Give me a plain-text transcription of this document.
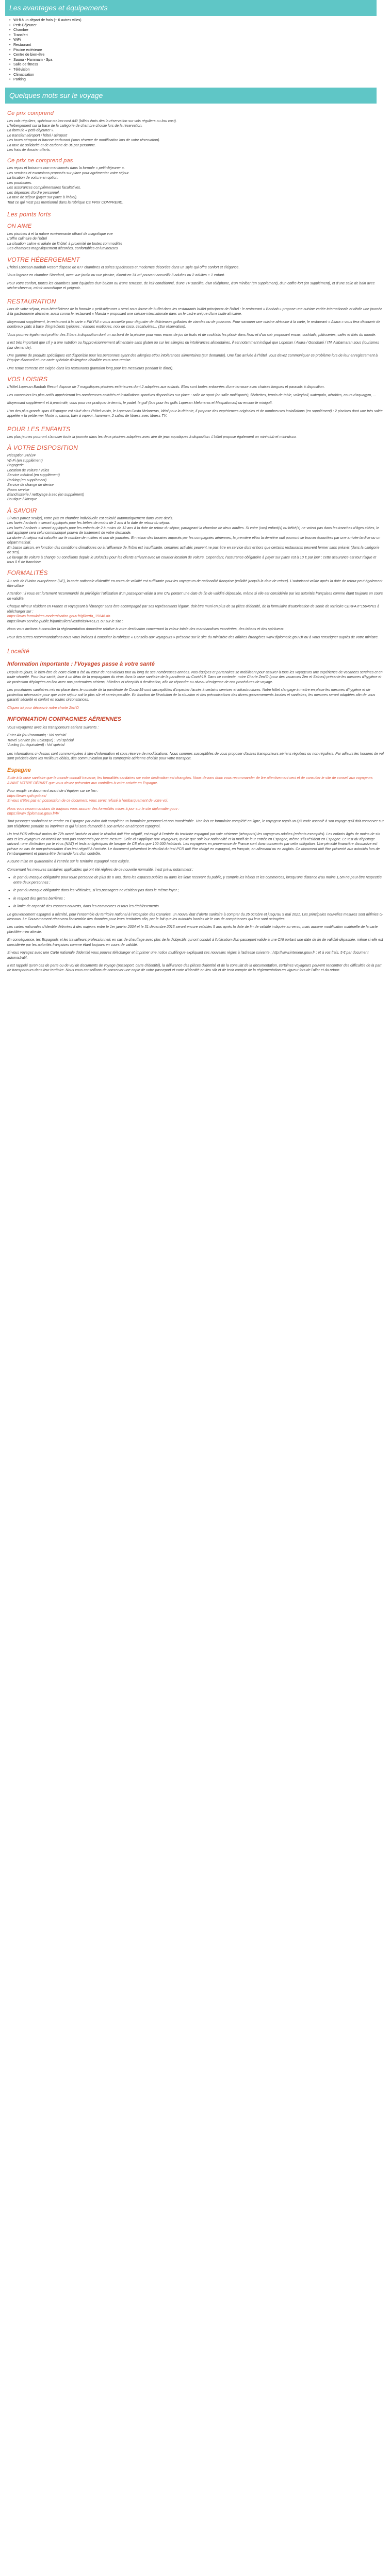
Les avantages et équipements
• Wi-fi à un départ de frais (+ 6 autres villes)
• Petit-Déjeuner
• Chambre
• Transfert
• WiFi
• Restaurant
• Piscine extérieure
• Centre de bien-être
• Sauna - Hammam - Spa
• Salle de fitness
• Télévision
• Climatisation
• Parking
Quelques mots sur le voyage
Ce prix comprend

Les vols réguliers, spéciaux ou low-cost A/R (billets émis dès la réservation sur vols réguliers ou low cost).

L'hébergement sur la base de la catégorie de chambre choisie lors de la réservation.

La formule « petit-déjeuner ».

Le transfert aéroport / hôtel / aéroport

Les taxes aéroport et hausse carburant (sous réserve de modification lors de votre réservation).

La taxe de solidarité et de carbone de 3€ par personne.

Les frais de dossier offerts.

Ce prix ne comprend pas

Les repas et boissons non mentionnés dans la formule « petit-déjeuner ».

Les services et excursions proposés sur place pour agrémenter votre séjour.

La location de voiture en option.

Les pourboires.

Les assurances complémentaires facultatives.

Les dépenses d'ordre personnel.

La taxe de séjour (payer sur place à l'hôtel).

Tout ce qui n'est pas mentionné dans la rubrique CE PRIX COMPREND.

Les points forts
ON AIME

Les piscines à et la nature environnante offrant de magnifique vue

L'offre culinaire de l'hôtel

La situation calme et idéale de l'hôtel, à proximité de toutes commodités

Ses chambres magnifiquement décorées, confortables et lumineuses

VOTRE HÉBERGEMENT

L'hôtel Lopesan Baobab Resort dispose de 677 chambres et suites spacieuses et modernes décorées dans un style qui offre confort et élégance.

Vous logerez en chambre Standard, avec vue jardin ou vue piscine, dinent-en 34 m² pouvant accueillir 3 adultes ou 2 adultes + 1 enfant.

Pour votre confort, toutes les chambres sont équipées d'un balcon ou d'une terrasse, de l'air conditionné, d'une TV satellite, d'un téléphone, d'un minibar (en supplément), d'un coffre-fort (en supplément), et d'une salle de bain avec sèche-cheveux, miroir cosmétique et peignoir.

RESTAURATION

Lors de votre séjour, vous bénéficierez de la formule « petit-déjeuner » servi sous forme de buffet dans les restaurants buffet principaux de l'hôtel : le restaurant « Baobab » propose une cuisine variée internationale et dédie une journée à la gastronomie africaine, aussi connu le restaurant « Marula » proposant une cuisine internationale dans un le cadre unique d'une hutte africaine.

Moyennant supplément, le restaurant à la carte « PIKYNI » vous accueille pour déguster de délicieuses grillades de viandes ou de poissons. Pour savourer une cuisine africaine à la carte, le restaurant « Akara » vous fera découvrir de nombreux plats à base d'ingrédients typiques : viandes exotiques, noix de coco, cacahuètes... (Sur réservation).

Vous pourrez également profiter des 3 bars à disposition dont un au bord de la piscine pour vous encas de jus de fruits et de cocktails les plaisir dans l'eau et d'un soir proposant encas, cocktails, pâtisseries, cafés et thés du monde.

Il est très important que s'il y a une nutrition ou l'approvisionnement alimentaire sans gluten ou sur les allergies ou intolérances alimentaires, il est notamment indiqué que Lopesan / Akara / Gondhani / ITA Alabamaran sous (tourismes (sur demande).

Une gamme de produits spécifiques est disponible pour les personnes ayant des allergies et/ou intolérances alimentaires (sur demande). Une liste arrivée à l'hôtel, vous devez communiquer ce problème lors de leur enregistrement à l'équipe d'accueil et une carte spéciale d'allergène détaillée vous sera remise.

Une tenue correcte est exigée dans les restaurants (pantalon long pour les messieurs pendant le dîner).

VOS LOISIRS

L'hôtel Lopesan Baobab Resort dispose de 7 magnifiques piscines extérieures dont 2 adaptées aux enfants. Elles sont toutes entourées d'une terrasse avec chaises longues et parasols à disposition.

Les vacanciers les plus actifs apprécieront les nombreuses activités et installations sportives disponibles sur place : salle de sport (en salle multisports), fléchettes, tennis de table, volleyball, waterpolo, aérobics, cours d'aquagym, ...

Moyennant supplément et à proximité, vous pour rez pratiquer le tennis, le padel, le golf (bus pour les golfs Lopesan Meloneras et Maspalomas) ou encore le minigolf.

L'un des plus grands spas d'Espagne est situé dans l'hôtel voisin, le Lopesan Costa Meloneras, idéal pour la détente, il propose des expériences originales et de nombreuses installations (en supplément) : 2 piscines dont une très salée appelée « la petite mer Morte », sauna, bain à vapeur, hammam, 2 salles de fitness avec fitness TV.

POUR LES ENFANTS

Les plus jeunes pourront s'amuser toute la journée dans les deux piscines adaptées avec aire de jeux aquatiques à disposition. L'hôtel propose également un mini-club et mini-disco.

À VOTRE DISPOSITION

Réception 24h/24

Wi-Fi (en supplément)

Bagagerie

Location de voiture / vélos

Service médical (en supplément)

Parking (en supplément)

Service de change de devise

Room service

Blanchisserie / nettoyage à sec (en supplément)

Boutique / kiosque

À SAVOIR

Si vous partez seul(e), votre prix en chambre individuelle est calculé automatiquement dans votre devis.

Les lavés / enfants « seront appliqués pour les bébés de moins de 2 ans à la date de retour du séjour.

Les lavés / enfants « seront appliqués pour les enfants de 2 à moins de 12 ans à la date de retour du séjour, partageant la chambre de deux adultes. Si votre (vos) enfant(s) ou bébé(s) ne voient pas dans les tranches d'âges citées, le tarif appliqué sera celui communiqué pourvu de traitement de votre demande.

La durée du séjour est calculée sur le nombre de nuitées et non de journées. En raison des horaires imposés par les compagnies aériennes, la première et/ou la dernière nuit pourront se trouver écourtées par une arrivée tardive ou un départ matinal.

En basse saison, en fonction des conditions climatiques ou à l'affluence de l'hôtel est insuffisante, certaines activités peuvent ne pas être en service dont et hors que certains restaurants peuvent fermer sans préavis (dans la catégorie de ses).

Le lavage de voiture à change ou conditions depuis le 20/08/19 pour les clients arrivant avec un courrier location de voiture. Cependant, l'assurance obligatoire à payer sur place est à 10 € par jour : cette assurance est tout risque et tous 0 € de franchise.

FORMALITÉS

Au sein de l'Union européenne (UE), la carte nationale d'identité en cours de validité est suffisante pour les voyageurs de nationalité française (validité jusqu'à la date de retour). L'autorisant valide après la date de retour peut également être utilisé.

Attention : il vous est fortement recommandé de privilégier l'utilisation d'un passeport valide à une CNI portant une date de fin de validité dépassée, même si elle est considérée par les autorités françaises comme étant toujours en cours de validité.

Chaque mineur résidant en France et voyageant à l'étranger sans être accompagné par ses représentants légaux, doit être muni en plus de sa pièce d'identité, de la formulaire d'autorisation de sortie de territoire CERFA n°15646*01 à télécharger sur :

https://www.formulaires.modernisation.gouv.fr/gf/cerfa_15646.do

https://www.service-public.fr/particuliers/vosdroits/R46121 ou sur le site :

Nous vous invitons à consulter la réglementation douanière relative à votre destination concernant la valeur totale des marchandises exonérées, des tabacs et des spiritueux.

Pour des autres recommandations nous vous invitons à consulter la rubrique « Conseils aux voyageurs » présente sur le site du ministère des affaires étrangères www.diplomatie.gouv.fr ou à vous renseigner auprès de votre ministre.

Localité
Information importante : l'Voyages passe à votre santé

Depuis toujours, le bien-être de notre client a été au cœur de nos valeurs tout au long de ses nombreuses années. Nos équipes et partenaires se mobilisent pour assurer à tous les voyageurs une expérience de vacances sereines et en toute sécurité. Pour leur santé, face à un fléau de la propagation du virus dans la crise sanitaire de la pandémie du Covid-19. Dans ce contexte, notre Charte Zen'O (pour des vacances Zen et Saines) présente les mesures d'hygiène et de protection déployées en lien avec nos partenaires aériens, hôteliers et réceptifs à destination, afin de répondre au niveau d'exigence de nos procédures de voyage.

Les procédures sanitaires mis en place dans le contexte de la pandémie de Covid-19 sont susceptibles d'impacter l'accès à certains services et infrastructures. Notre hôtel s'engage à mettre en place les mesures d'hygiène et de protection nécessaire pour que votre séjour soit le plus sûr et serein possible. En fonction de l'évolution de la situation et des préconisations des divers gouvernements locales et sanitaires, les mesures seront adaptées afin de vous garantir sécurité et confort en toutes circonstances.

Cliquez ici pour découvrir notre charte Zen'O

INFORMATION COMPAGNIES AÉRIENNES

Vous voyagerez avec les transporteurs aériens suivants :

Enter Air (ou Paramaniq : Vol spécial

Travel Service (ou Eclasque) : Vol spécial

Vueling (ou équivalent) : Vol spécial

Les informations ci-dessus sont communiquées à titre d'information et sous réserve de modifications. Nous sommes susceptibles de vous proposer d'autres transporteurs aériens réguliers ou non-réguliers. Par ailleurs les horaires de vol sont précisés dans les meilleurs délais, dès communication par la compagnie aérienne choisie pour votre transport.

Espagne

Suite à la crise sanitaire que le monde connaît traverse, les formalités sanitaires sur votre destination est changées. Nous devons donc vous recommander de lire attentivement ceci et de consulter le site de conseil aux voyageurs AVANT VOTRE DÉPART que vous devez présenter aux contrôles à votre arrivée en Espagne.

Pour remplir ce document avant de s'équiper sur ce lien :

https://www.spth.gob.es/

Si vous n'êtes pas en possession de ce document, vous serez refusé à l'embarquement de votre vol.

Nous vous recommandons de toujours vous assurer des formalités mises à jour sur le site diplomatie.gouv :

https://www.diplomatie.gouv.fr/fr/

Tout passager souhaitant se rendre en Espagne par avion doit compléter un formulaire personnel et non transférable. Une fois ce formulaire complété en ligne, le voyageur reçoit un QR code associé à son voyage qu'il doit conserver sur son téléphone portable ou imprimer et qui lui sera demandé à son arrivée en aéroport espagnol.

Un test PCR effectué moins de 72h avant l'arrivée et dont le résultat doit être négatif, est exigé à l'entrée du territoire espagnol par voie aérienne (aéroports) les voyageurs adultes (enfants exemptés). Les enfants âgés de moins de six ans et les voyageurs en transit ne sont pas concernés par cette mesure. Celle-ci s'applique aux voyageurs, quelle que soit leur nationalité et la motif de leur entrée en Espagne, même s'ils résident en Espagne. Le test du dépistage suivant : une d'infection par le virus (NAT) et tests antigéniques de lorsque de CE plus que 100 000 habitants. Les voyageurs en provenance de France sont donc concernés par cette obligation. Une pénalité financière dissuasive est prévue en cas de non-présentation d'un test négatif à l'arrivée. Le document présentant le résultat du test PCR doit être rédigé en espagnol, en français, en allemand ou en anglais. Ce document doit être présenté aux autorités lors de l'embarquement et pourra être demandé lors d'un contrôle.

Aucune mise en quarantaine à l'entrée sur le territoire espagnol n'est exigée.

Concernant les mesures sanitaires applicables qui ont été réglées de ce nouvelle normalité, il est prévu notamment :

● le port du masque obligatoire pour toute personne de plus de 6 ans, dans les espaces publics ou dans les lieux recevant du public, y compris les hôtels et les commerces, lorsqu'une distance d'au moins 1,5m ne peut être respectée entre deux personnes ;
● le port du masque obligatoire dans les véhicules, si les passagers ne résident pas dans le même foyer ;
● le respect des gestes barrières ;
● la limite de capacité des espaces couverts, dans les commerces et tous les établissements.

Le gouvernement espagnol a décrété, pour l'ensemble du territoire national à l'exception des Canaries, un nouvel état d'alerte sanitaire à compter du 25 octobre et jusqu'au 9 mai 2021. Les principales nouvelles mesures sont définies ci-dessous. Le Gouvernement réservera l'ensemble des données pour leurs territoires afin, par le fait que les autorités locales de le cas de compétences qui leur sont octroyées.

Les cartes nationales d'identité délivrées à des majeurs entre le 1er janvier 2004 et le 31 décembre 2013 seront encore valables 5 ans après la date de fin de validité indiquée au verso, mais aucune modification matérielle de la carte plastifiée n'en atteste.

En conséquence, les Espagnols et les travailleurs professionnels en cas de chauffage avec plus de la d'objectifs qui ont conduit à l'utilisation d'un passeport valide à une CNI portant une date de fin de validité dépassée, même si elle est considérée par les autorités françaises comme étant toujours en cours de validité.

Si vous voyagez avec une Carte nationale d'Identité vous pouvez télécharger et imprimer une notice multilingue expliquant ces nouvelles règles à l'adresse suivante : http://www.interieur.gouv.fr ; et à vos frais, 5 € par document administratif.

Il est rappelé qu'en cas de perte ou de vol de documents de voyage (passeport, carte d'identité), la délivrance des pièces d'identité et de la consulat de la documentation, certaines voyageurs peuvent rencontrer des difficultés de la part de transporteurs dans leur territoire. Nous vous conseillons de conserver une copie de votre passeport et carte d'identité en lieu sûr et de tenir compte de la réglementation en vigueur lors de l'aller et du retour.
